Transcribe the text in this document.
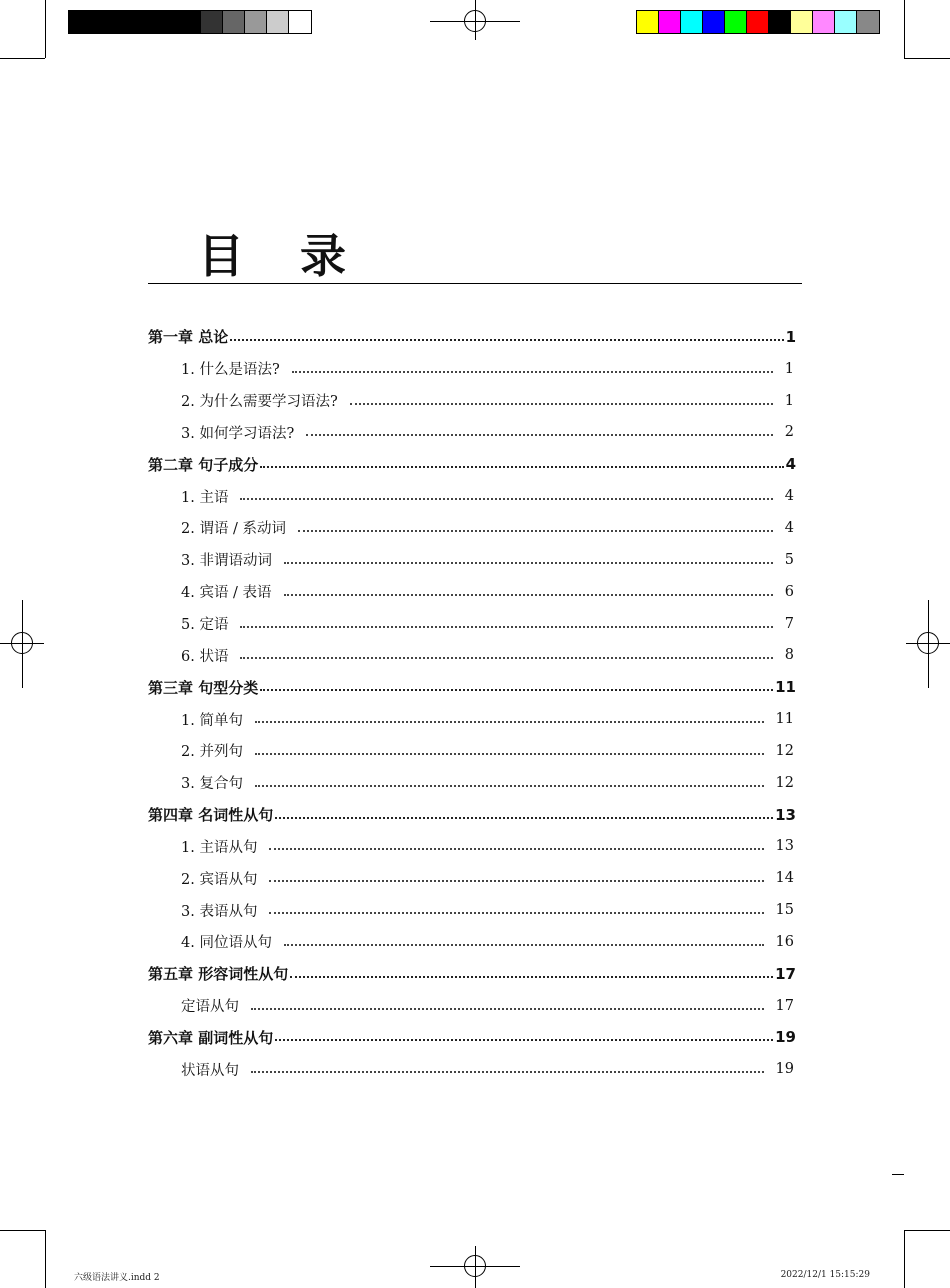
目 录
第一章 总论	1
1. 什么是语法?	1
2. 为什么需要学习语法?	1
3. 如何学习语法?	2
第二章 句子成分	4
1. 主语	4
2. 谓语 / 系动词	4
3. 非谓语动词	5
4. 宾语 / 表语	6
5. 定语	7
6. 状语	8
第三章 句型分类	11
1. 简单句	11
2. 并列句	12
3. 复合句	12
第四章 名词性从句	13
1. 主语从句	13
2. 宾语从句	14
3. 表语从句	15
4. 同位语从句	16
第五章 形容词性从句	17
定语从句	17
第六章 副词性从句	19
状语从句	19
六级语法讲义.indd 2	2022/12/1 15:15:29
